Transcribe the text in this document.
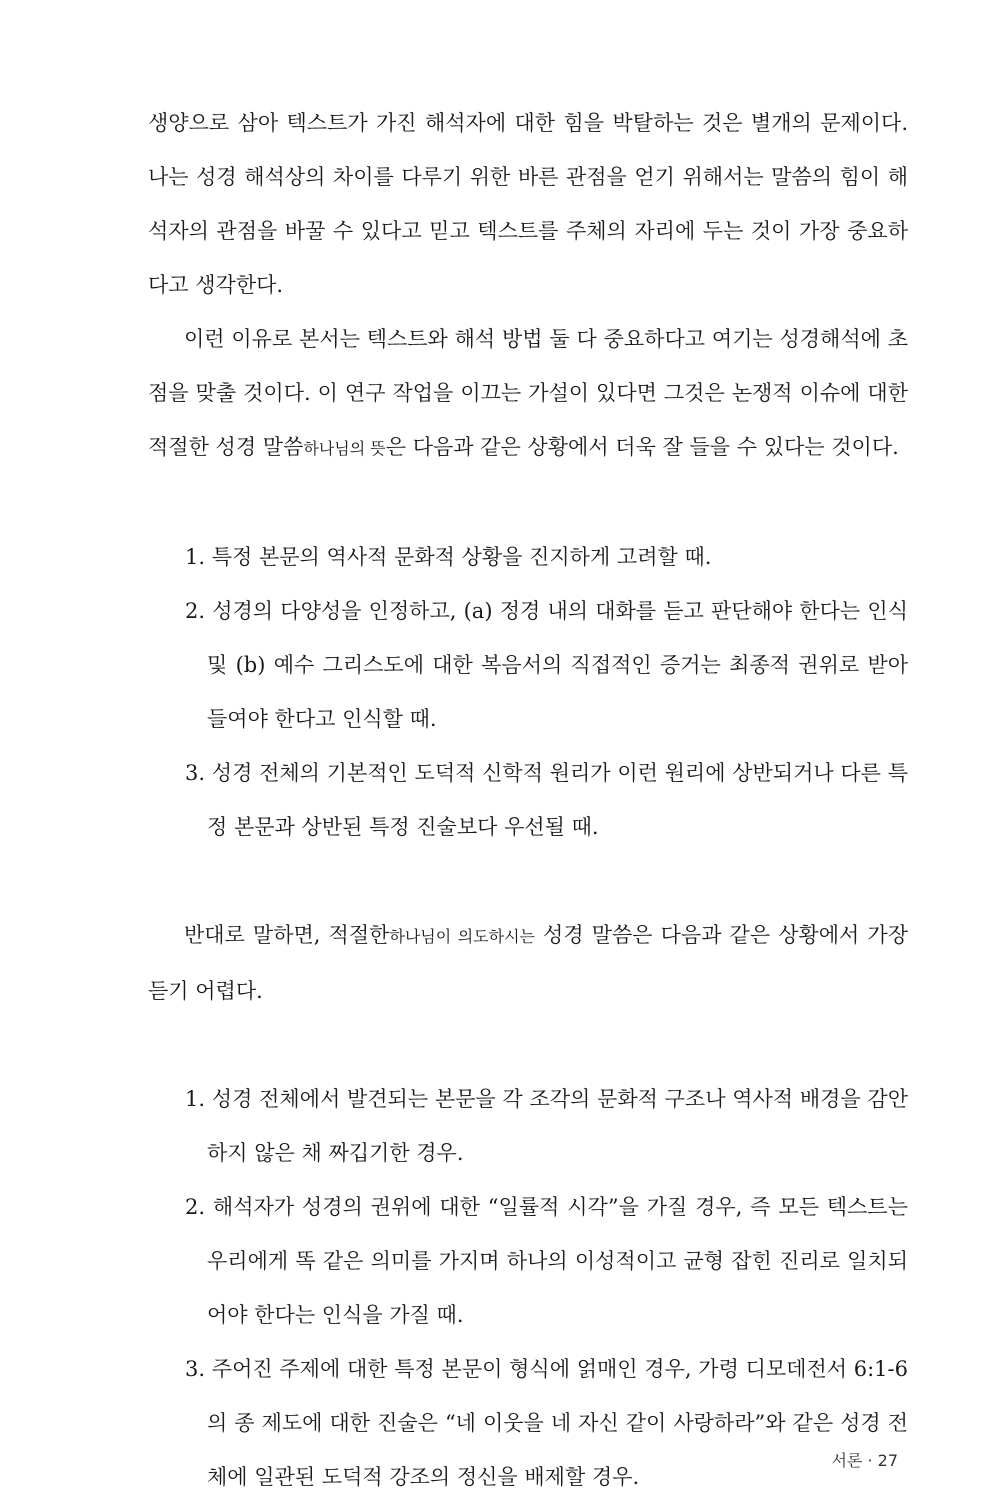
생양으로 삼아 텍스트가 가진 해석자에 대한 힘을 박탈하는 것은 별개의 문제이다. 나는 성경 해석상의 차이를 다루기 위한 바른 관점을 얻기 위해서는 말씀의 힘이 해석자의 관점을 바꿀 수 있다고 믿고 텍스트를 주체의 자리에 두는 것이 가장 중요하다고 생각한다.

이런 이유로 본서는 텍스트와 해석 방법 둘 다 중요하다고 여기는 성경해석에 초점을 맞출 것이다. 이 연구 작업을 이끄는 가설이 있다면 그것은 논쟁적 이슈에 대한 적절한 성경 말씀하나님의 뜻은 다음과 같은 상황에서 더욱 잘 들을 수 있다는 것이다.

1. 특정 본문의 역사적 문화적 상황을 진지하게 고려할 때.

2. 성경의 다양성을 인정하고, (a) 정경 내의 대화를 듣고 판단해야 한다는 인식 및 (b) 예수 그리스도에 대한 복음서의 직접적인 증거는 최종적 권위로 받아들여야 한다고 인식할 때.

3. 성경 전체의 기본적인 도덕적 신학적 원리가 이런 원리에 상반되거나 다른 특정 본문과 상반된 특정 진술보다 우선될 때.

반대로 말하면, 적절한하나님이 의도하시는 성경 말씀은 다음과 같은 상황에서 가장 듣기 어렵다.

1. 성경 전체에서 발견되는 본문을 각 조각의 문화적 구조나 역사적 배경을 감안하지 않은 채 짜깁기한 경우.

2. 해석자가 성경의 권위에 대한 “일률적 시각”을 가질 경우, 즉 모든 텍스트는 우리에게 똑 같은 의미를 가지며 하나의 이성적이고 균형 잡힌 진리로 일치되어야 한다는 인식을 가질 때.

3. 주어진 주제에 대한 특정 본문이 형식에 얽매인 경우, 가령 디모데전서 6:1-6의 종 제도에 대한 진술은 “네 이웃을 네 자신 같이 사랑하라”와 같은 성경 전체에 일관된 도덕적 강조의 정신을 배제할 경우.

서론 · 27
